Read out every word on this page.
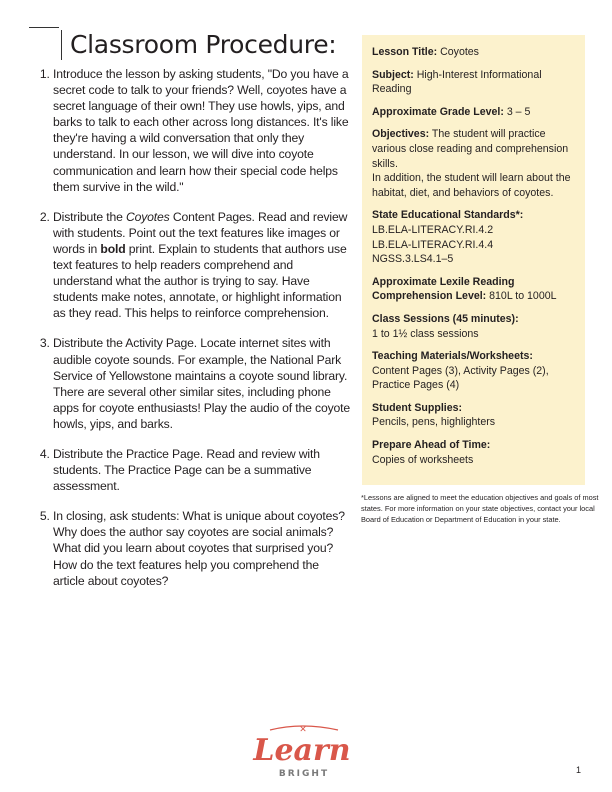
Classroom Procedure:
1. Introduce the lesson by asking students, "Do you have a secret code to talk to your friends? Well, coyotes have a secret language of their own! They use howls, yips, and barks to talk to each other across long distances. It's like they're having a wild conversation that only they understand. In our lesson, we will dive into coyote communication and learn how their special code helps them survive in the wild."
2. Distribute the Coyotes Content Pages. Read and review with students. Point out the text features like images or words in bold print. Explain to students that authors use text features to help readers comprehend and understand what the author is trying to say. Have students make notes, annotate, or highlight information as they read. This helps to reinforce comprehension.
3. Distribute the Activity Page. Locate internet sites with audible coyote sounds. For example, the National Park Service of Yellowstone maintains a coyote sound library. There are several other similar sites, including phone apps for coyote enthusiasts! Play the audio of the coyote howls, yips, and barks.
4. Distribute the Practice Page. Read and review with students. The Practice Page can be a summative assessment.
5. In closing, ask students: What is unique about coyotes? Why does the author say coyotes are social animals? What did you learn about coyotes that surprised you? How do the text features help you comprehend the article about coyotes?
Lesson Title: Coyotes
Subject: High-Interest Informational Reading
Approximate Grade Level: 3 – 5
Objectives: The student will practice various close reading and comprehension skills.
In addition, the student will learn about the habitat, diet, and behaviors of coyotes.
State Educational Standards*:
LB.ELA-LITERACY.RI.4.2
LB.ELA-LITERACY.RI.4.4
NGSS.3.LS4.1–5
Approximate Lexile Reading Comprehension Level: 810L to 1000L
Class Sessions (45 minutes):
1 to 1½ class sessions
Teaching Materials/Worksheets:
Content Pages (3), Activity Pages (2), Practice Pages (4)
Student Supplies:
Pencils, pens, highlighters
Prepare Ahead of Time:
Copies of worksheets
*Lessons are aligned to meet the education objectives and goals of most states. For more information on your state objectives, contact your local Board of Education or Department of Education in your state.
✕
Learn
BRIGHT	1
